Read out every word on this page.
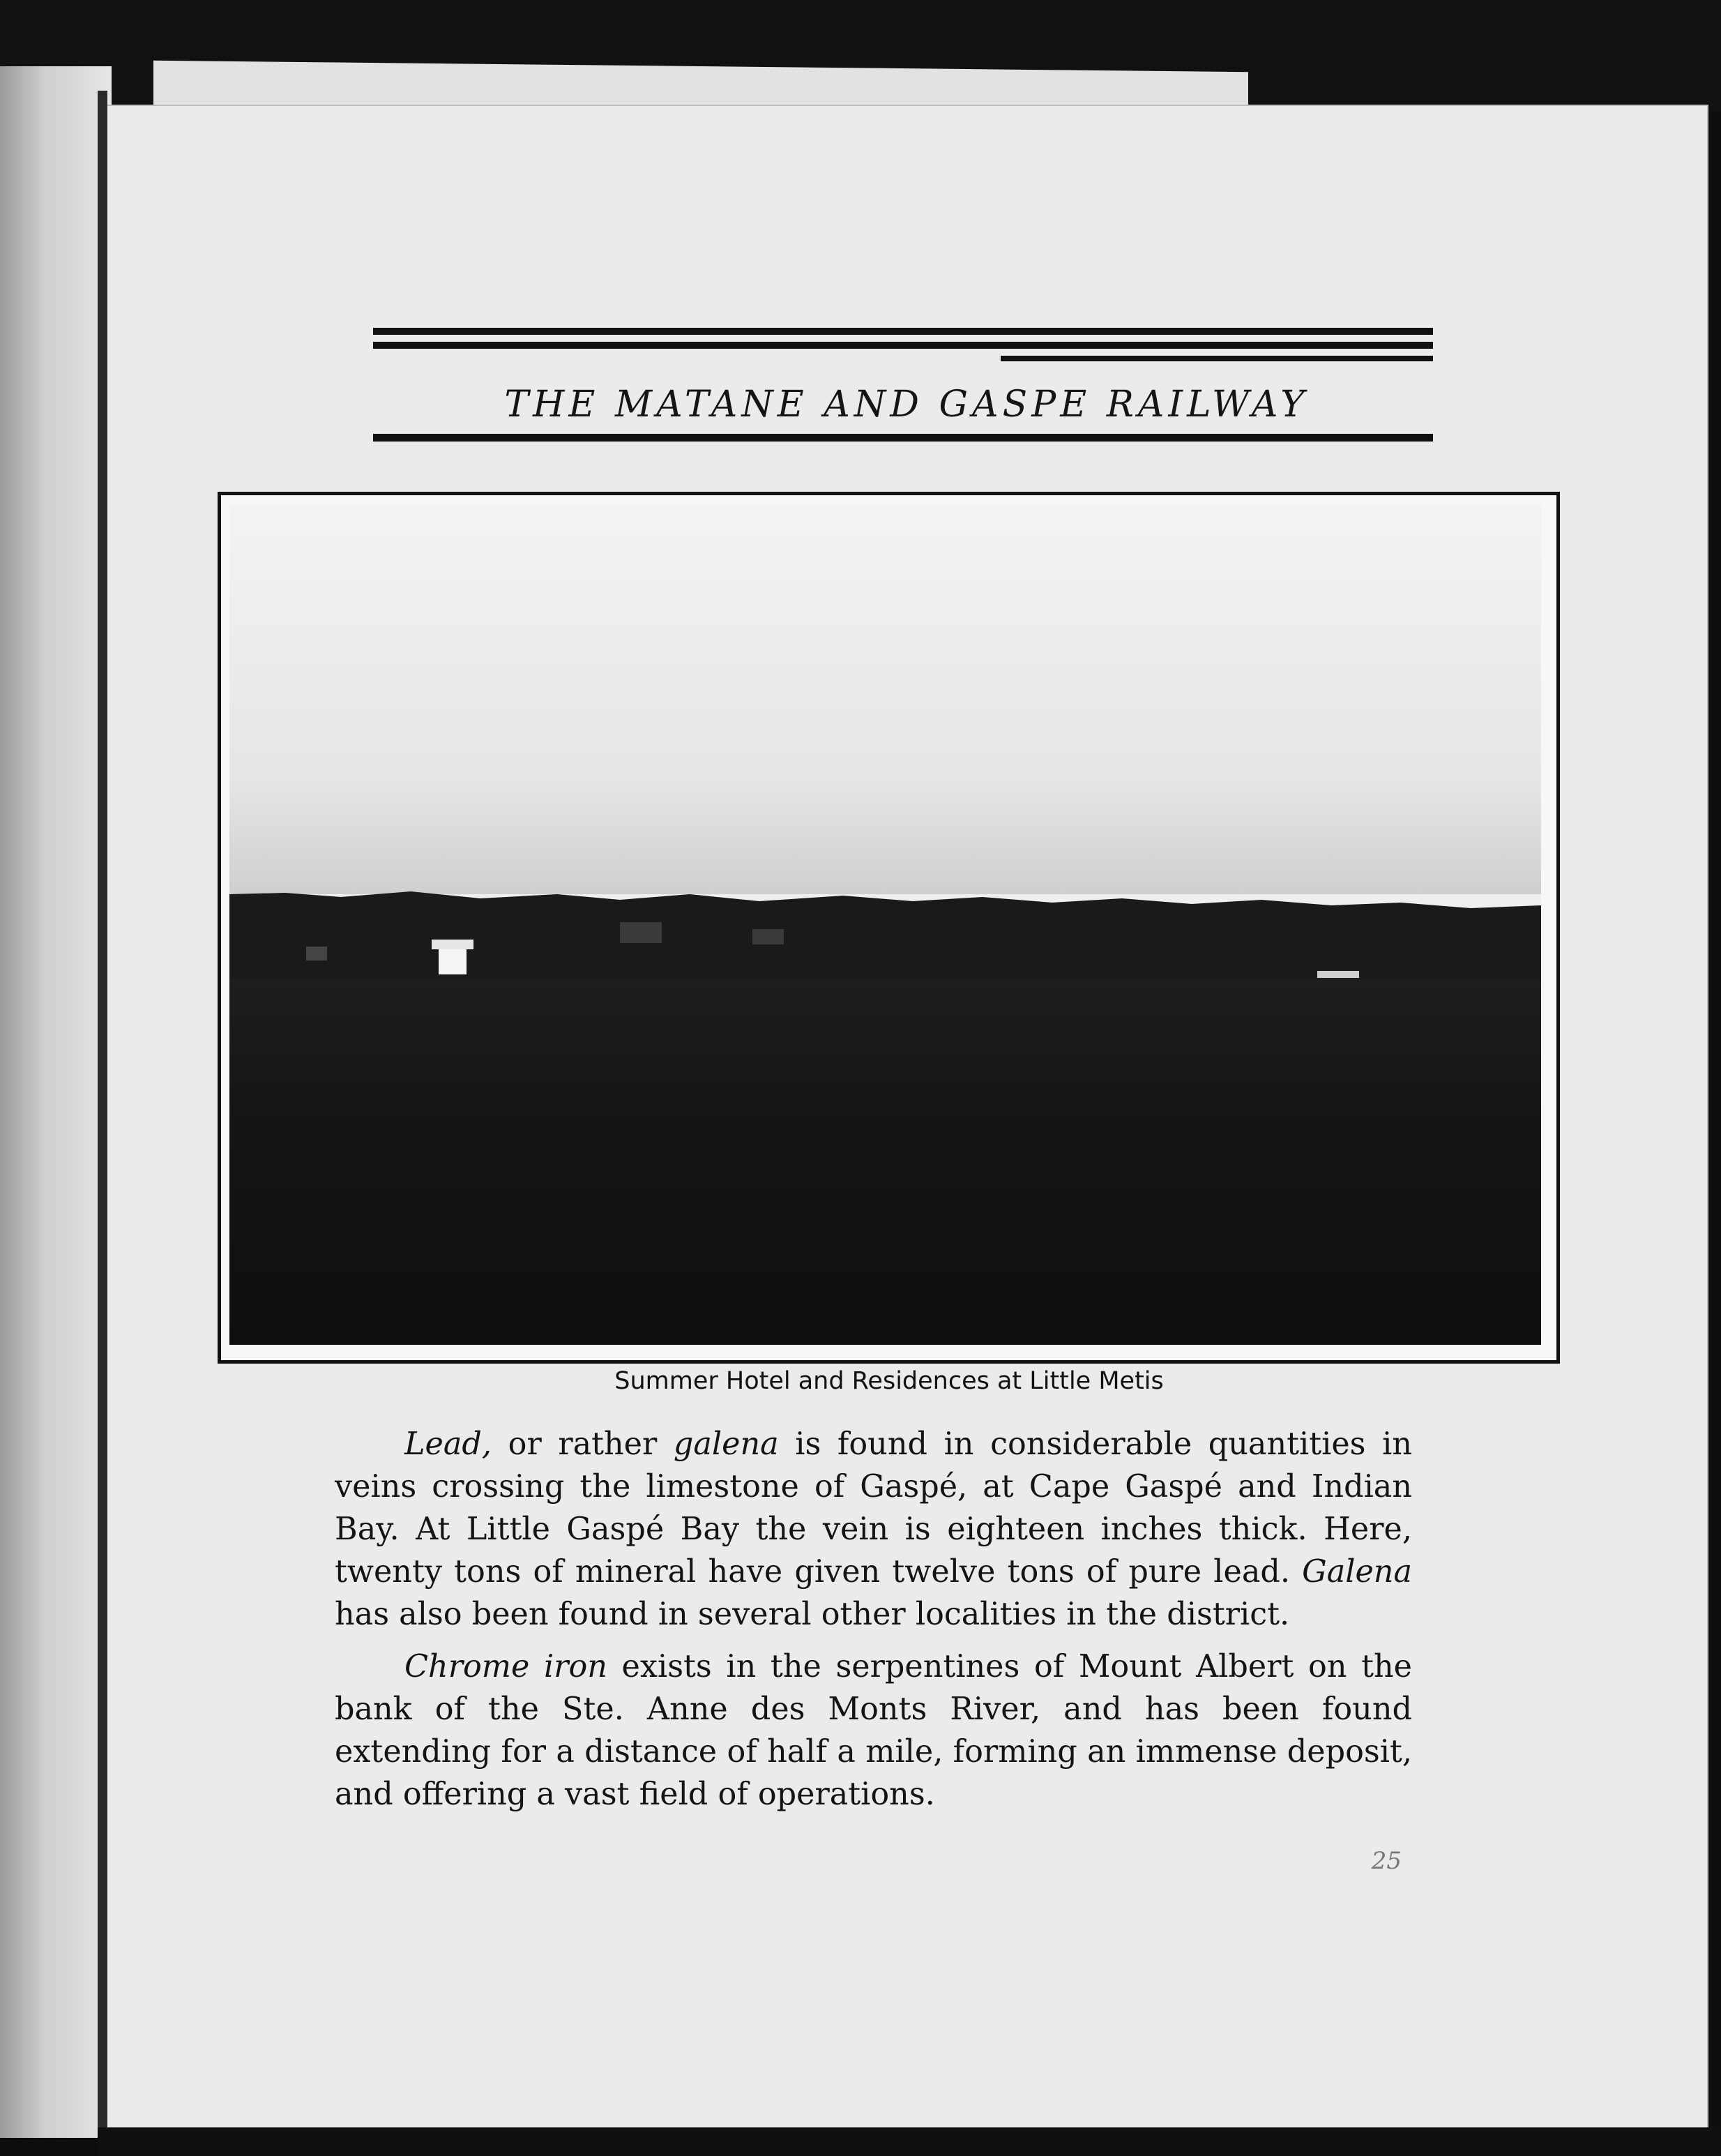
THE MATANE AND GASPE RAILWAY
Summer Hotel and Residences at Little Metis

Lead, or rather galena is found in considerable quantities in veins crossing the limestone of Gaspé, at Cape Gaspé and Indian Bay. At Little Gaspé Bay the vein is eighteen inches thick. Here, twenty tons of mineral have given twelve tons of pure lead. Galena has also been found in several other localities in the district.

Chrome iron exists in the serpentines of Mount Albert on the bank of the Ste. Anne des Monts River, and has been found extending for a distance of half a mile, forming an immense deposit, and offering a vast field of operations.

25
